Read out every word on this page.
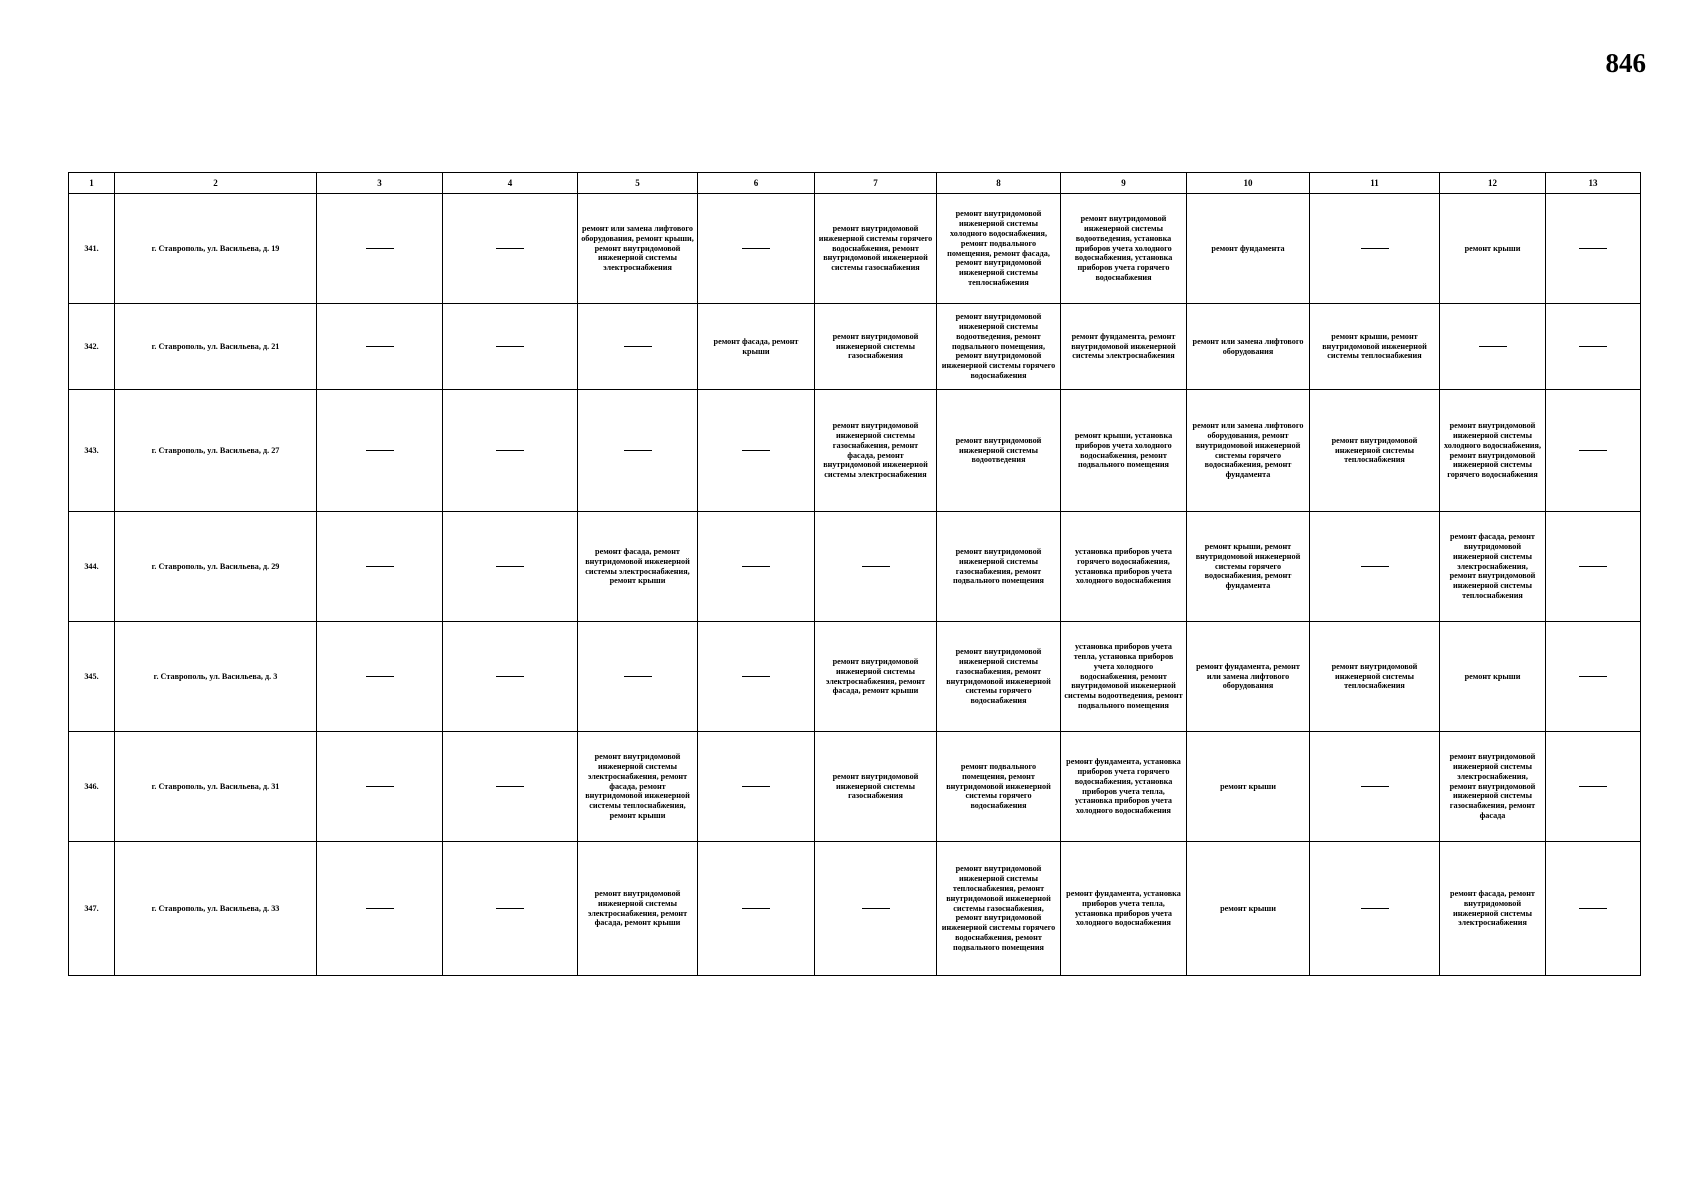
846
1	2	3	4	5	6	7	8	9	10	11	12	13
341.	г. Ставрополь, ул. Васильева, д. 19			ремонт или замена лифтового оборудования, ремонт крыши, ремонт внутридомовой инженерной системы электроснабжения		ремонт внутридомовой инженерной системы горячего водоснабжения, ремонт внутридомовой инженерной системы газоснабжения	ремонт внутридомовой инженерной системы холодного водоснабжения, ремонт подвального помещения, ремонт фасада, ремонт внутридомовой инженерной системы теплоснабжения	ремонт внутридомовой инженерной системы водоотведения, установка приборов учета холодного водоснабжения, установка приборов учета горячего водоснабжения	ремонт фундамента		ремонт крыши	
342.	г. Ставрополь, ул. Васильева, д. 21				ремонт фасада, ремонт крыши	ремонт внутридомовой инженерной системы газоснабжения	ремонт внутридомовой инженерной системы водоотведения, ремонт подвального помещения, ремонт внутридомовой инженерной системы горячего водоснабжения	ремонт фундамента, ремонт внутридомовой инженерной системы электроснабжения	ремонт или замена лифтового оборудования	ремонт крыши, ремонт внутридомовой инженерной системы теплоснабжения		
343.	г. Ставрополь, ул. Васильева, д. 27					ремонт внутридомовой инженерной системы газоснабжения, ремонт фасада, ремонт внутридомовой инженерной системы электроснабжения	ремонт внутридомовой инженерной системы водоотведения	ремонт крыши, установка приборов учета холодного водоснабжения, ремонт подвального помещения	ремонт или замена лифтового оборудования, ремонт внутридомовой инженерной системы горячего водоснабжения, ремонт фундамента	ремонт внутридомовой инженерной системы теплоснабжения	ремонт внутридомовой инженерной системы холодного водоснабжения, ремонт внутридомовой инженерной системы горячего водоснабжения	
344.	г. Ставрополь, ул. Васильева, д. 29			ремонт фасада, ремонт внутридомовой инженерной системы электроснабжения, ремонт крыши			ремонт внутридомовой инженерной системы газоснабжения, ремонт подвального помещения	установка приборов учета горячего водоснабжения, установка приборов учета холодного водоснабжения	ремонт крыши, ремонт внутридомовой инженерной системы горячего водоснабжения, ремонт фундамента		ремонт фасада, ремонт внутридомовой инженерной системы электроснабжения, ремонт внутридомовой инженерной системы теплоснабжения	
345.	г. Ставрополь, ул. Васильева, д. 3					ремонт внутридомовой инженерной системы электроснабжения, ремонт фасада, ремонт крыши	ремонт внутридомовой инженерной системы газоснабжения, ремонт внутридомовой инженерной системы горячего водоснабжения	установка приборов учета тепла, установка приборов учета холодного водоснабжения, ремонт внутридомовой инженерной системы водоотведения, ремонт подвального помещения	ремонт фундамента, ремонт или замена лифтового оборудования	ремонт внутридомовой инженерной системы теплоснабжения	ремонт крыши	
346.	г. Ставрополь, ул. Васильева, д. 31			ремонт внутридомовой инженерной системы электроснабжения, ремонт фасада, ремонт внутридомовой инженерной системы теплоснабжения, ремонт крыши		ремонт внутридомовой инженерной системы газоснабжения	ремонт подвального помещения, ремонт внутридомовой инженерной системы горячего водоснабжения	ремонт фундамента, установка приборов учета горячего водоснабжения, установка приборов учета тепла, установка приборов учета холодного водоснабжения	ремонт крыши		ремонт внутридомовой инженерной системы электроснабжения, ремонт внутридомовой инженерной системы газоснабжения, ремонт фасада	
347.	г. Ставрополь, ул. Васильева, д. 33			ремонт внутридомовой инженерной системы электроснабжения, ремонт фасада, ремонт крыши			ремонт внутридомовой инженерной системы теплоснабжения, ремонт внутридомовой инженерной системы газоснабжения, ремонт внутридомовой инженерной системы горячего водоснабжения, ремонт подвального помещения	ремонт фундамента, установка приборов учета тепла, установка приборов учета холодного водоснабжения	ремонт крыши		ремонт фасада, ремонт внутридомовой инженерной системы электроснабжения	
